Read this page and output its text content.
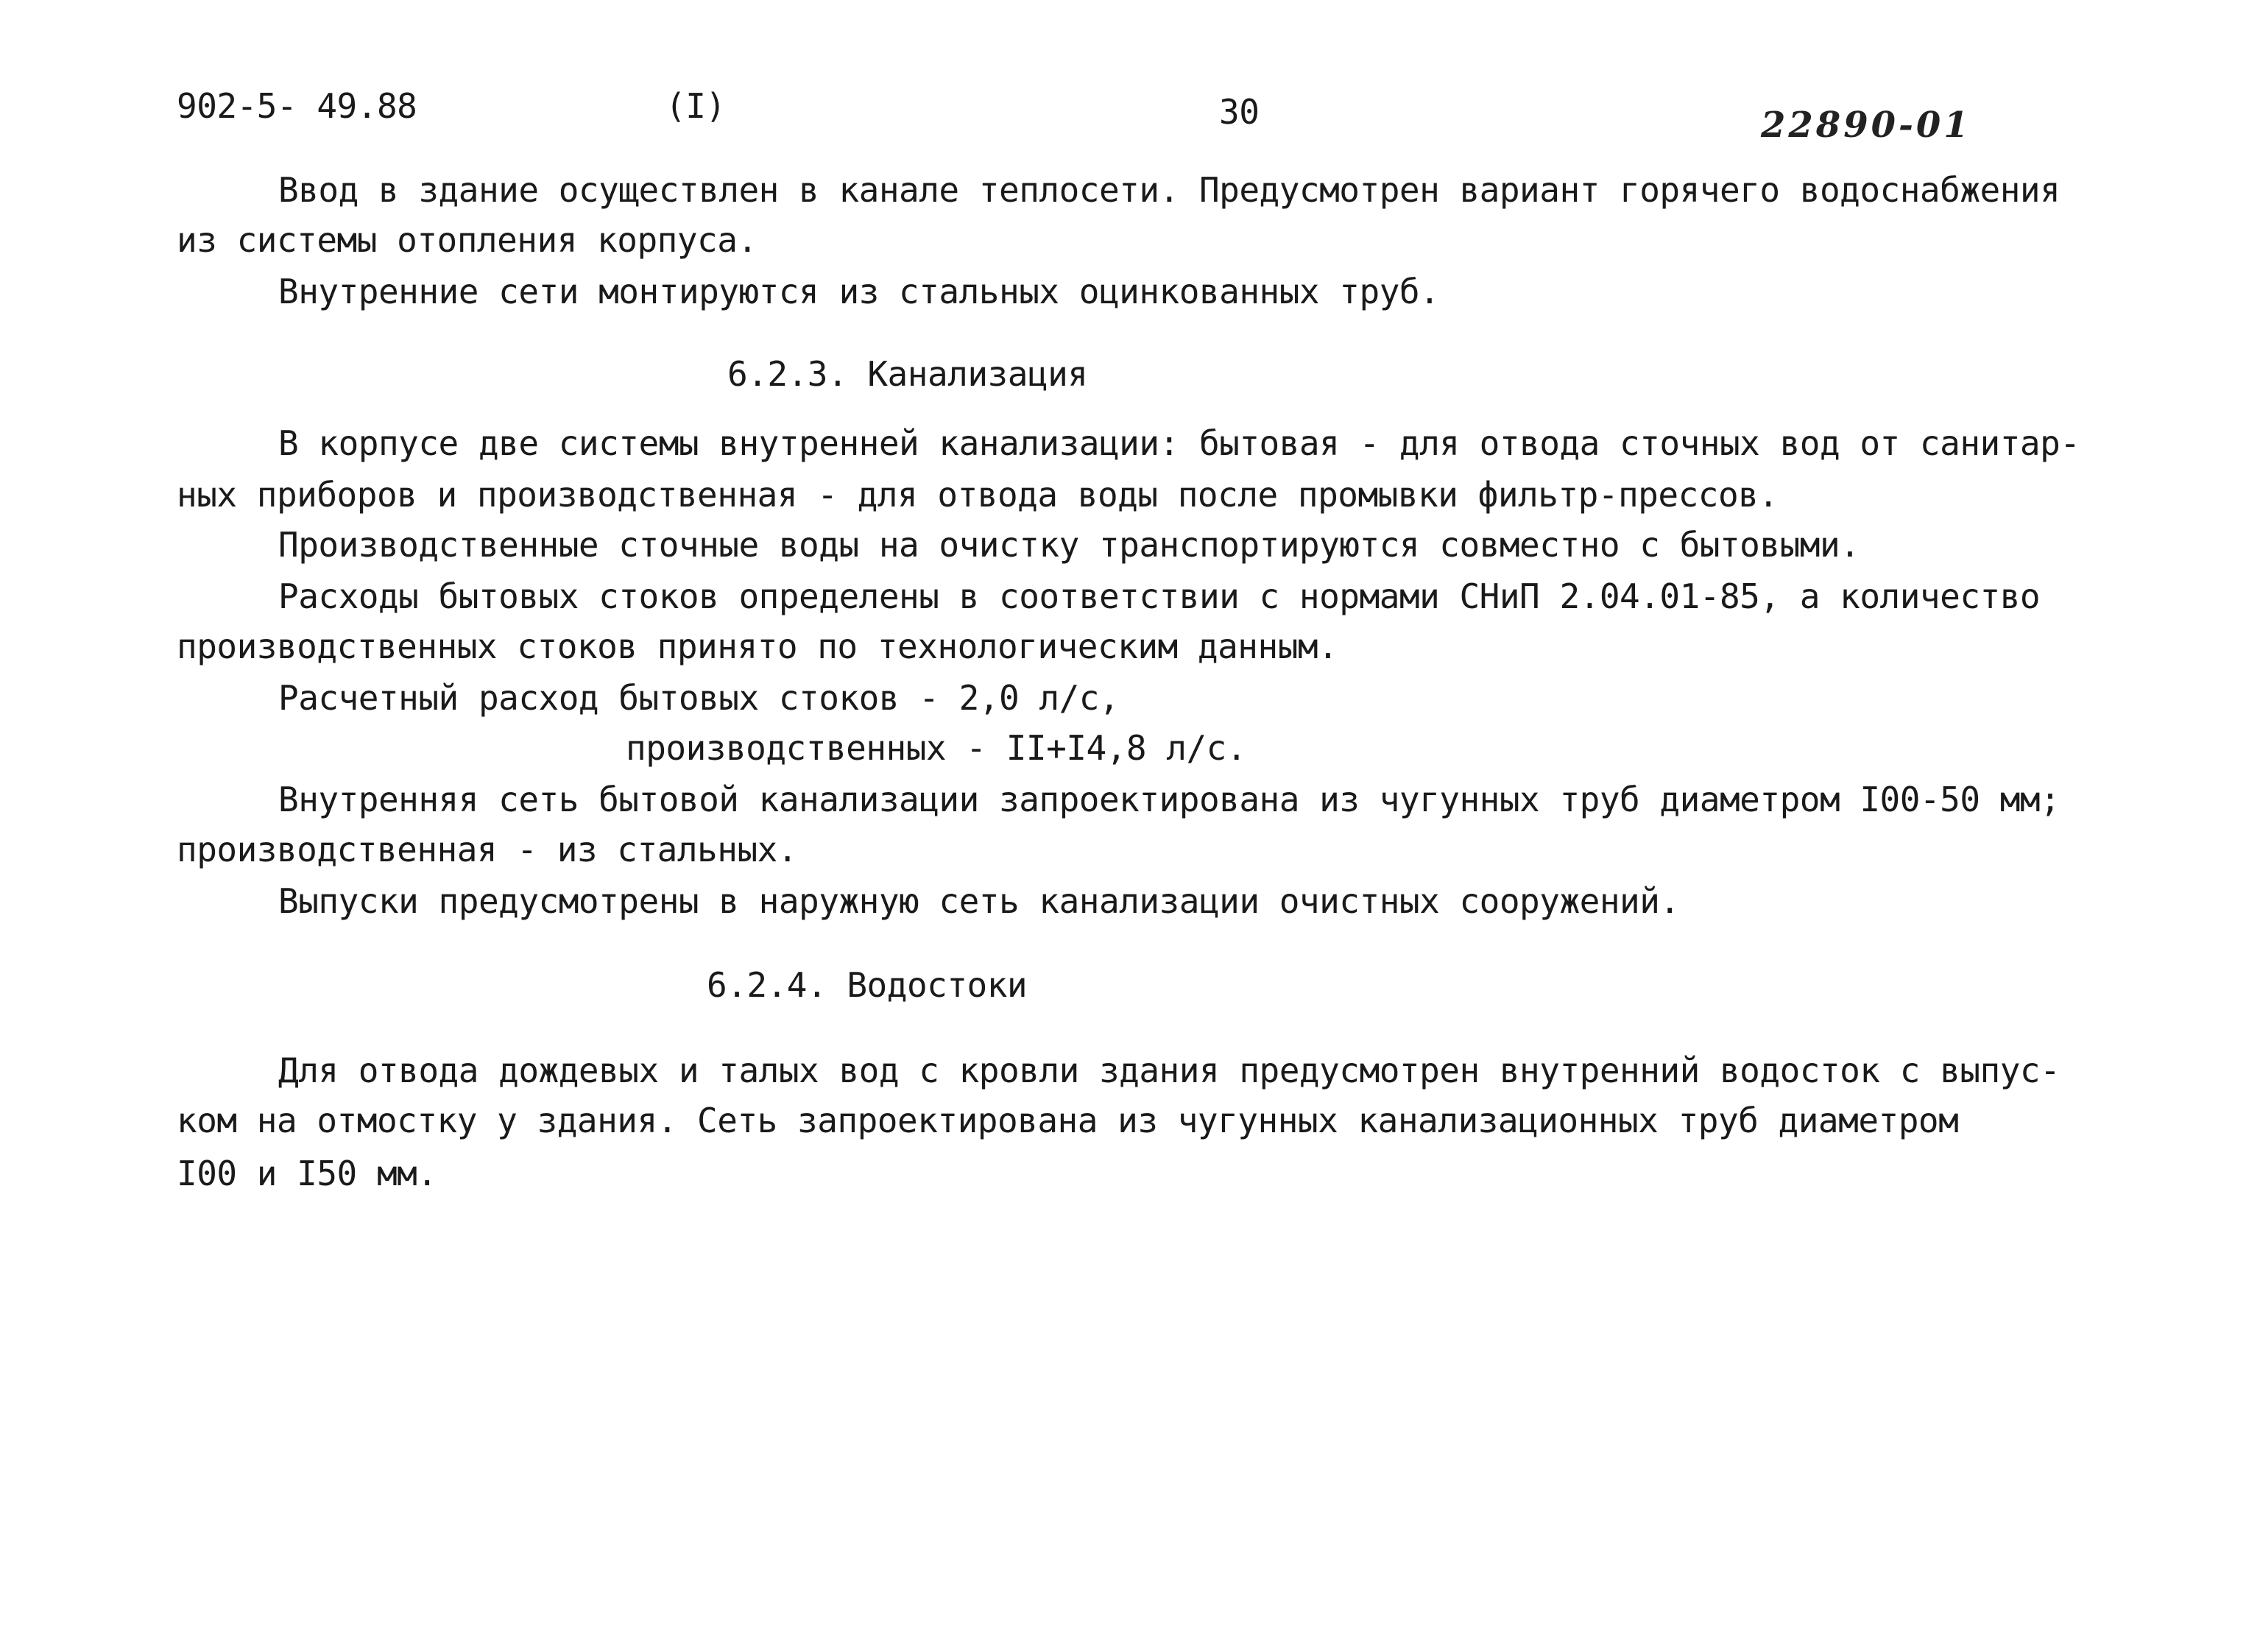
902-5- 49.88	(I)	30	22890-01
Ввод в здание осуществлен в канале теплосети. Предусмотрен вариант горячего водоснабжения
из системы отопления корпуса.
Внутренние сети монтируются из стальных оцинкованных труб.
6.2.3. Канализация
В корпусе две системы внутренней канализации: бытовая - для отвода сточных вод от санитар-
ных приборов и производственная - для отвода воды после промывки фильтр-прессов.
Производственные сточные воды на очистку транспортируются совместно с бытовыми.
Расходы бытовых стоков определены в соответствии с нормами СНиП 2.04.01-85, а количество
производственных стоков принято по технологическим данным.
Расчетный расход бытовых стоков - 2,0 л/с,
производственных - II+I4,8 л/с.
Внутренняя сеть бытовой канализации запроектирована из чугунных труб диаметром I00-50 мм;
производственная - из стальных.
Выпуски предусмотрены в наружную сеть канализации очистных сооружений.
6.2.4. Водостоки
Для отвода дождевых и талых вод с кровли здания предусмотрен внутренний водосток с выпус-
ком на отмостку у здания. Сеть запроектирована из чугунных канализационных труб диаметром
I00 и I50 мм.
